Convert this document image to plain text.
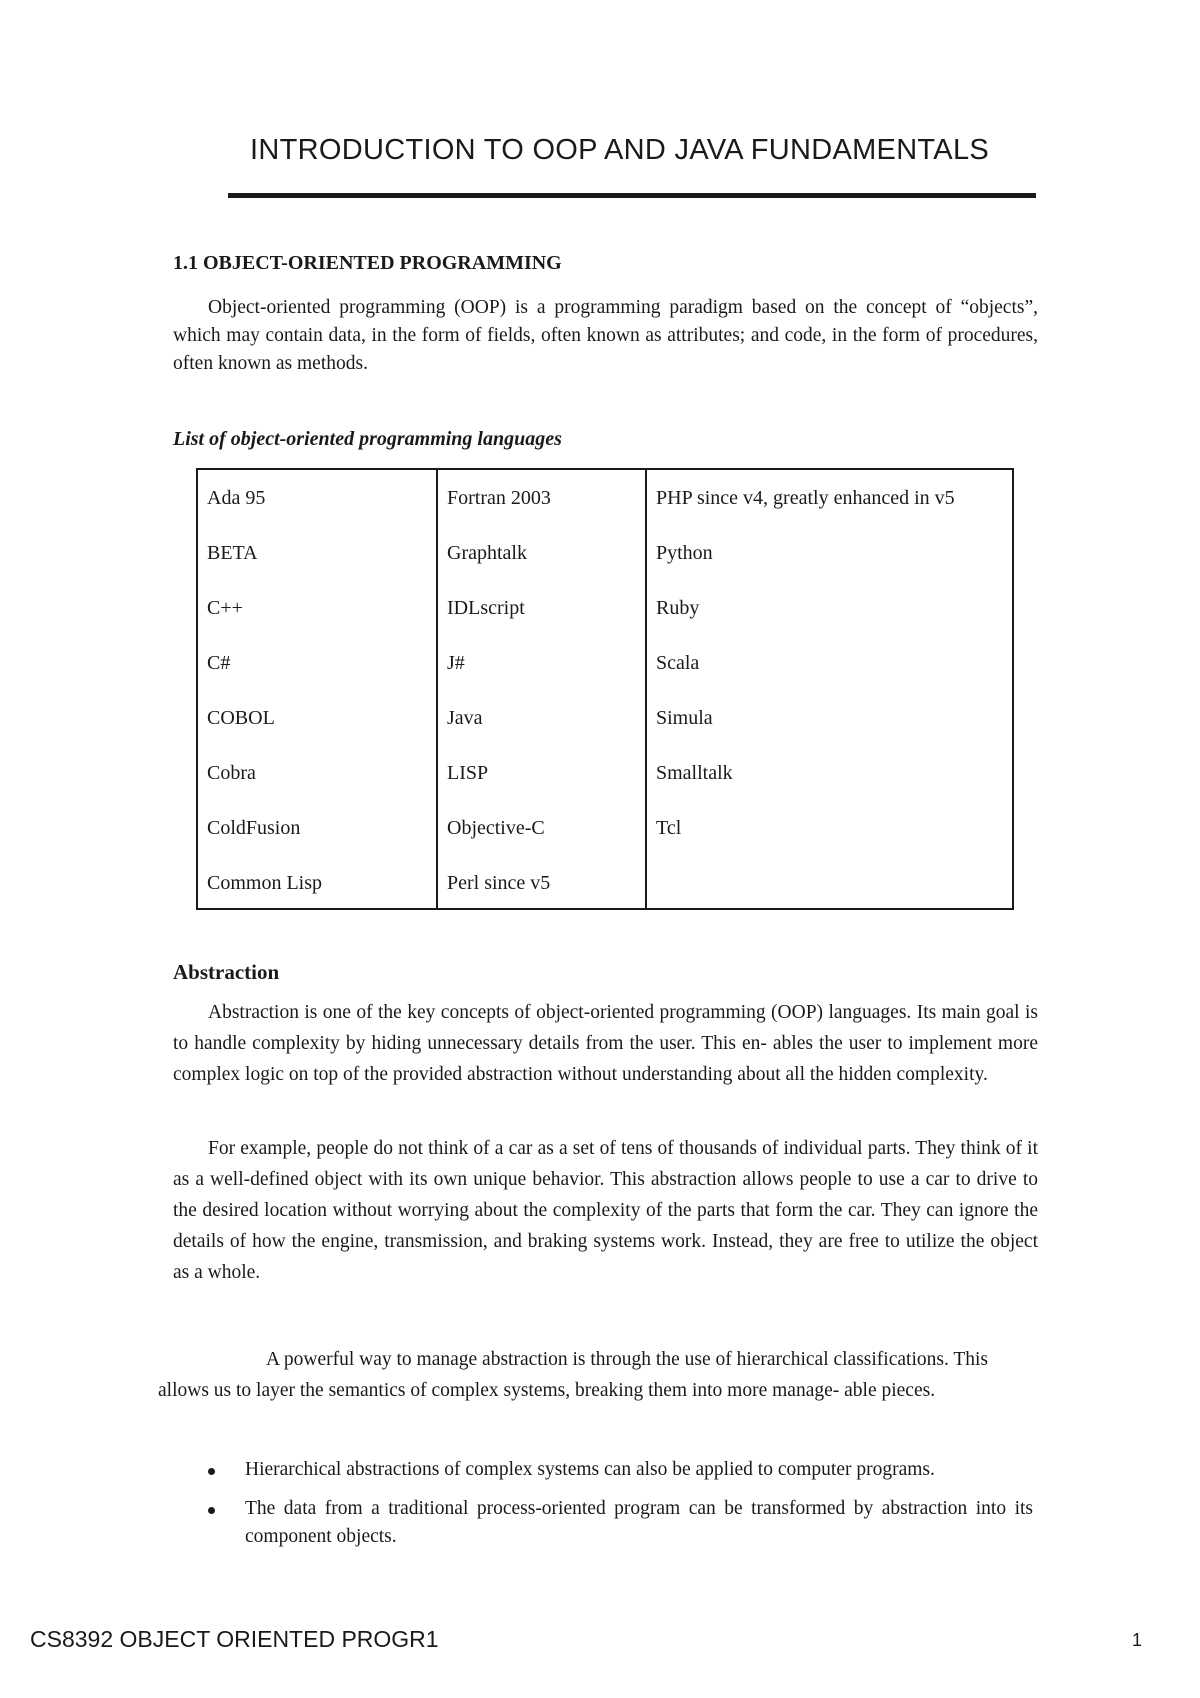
INTRODUCTION TO OOP AND JAVA FUNDAMENTALS
1.1 OBJECT-ORIENTED PROGRAMMING

Object-oriented programming (OOP) is a programming paradigm based on the concept of “objects”, which may contain data, in the form of fields, often known as attributes; and code, in the form of procedures, often known as methods.

List of object-oriented programming languages

Ada 95
BETA
C++
C#
COBOL
Cobra
ColdFusion
Common Lisp
Fortran 2003
Graphtalk
IDLscript
J#
Java
LISP
Objective-C
Perl since v5
PHP since v4, greatly enhanced in v5
Python
Ruby
Scala
Simula
Smalltalk
Tcl
Abstraction

Abstraction is one of the key concepts of object-oriented programming (OOP) languages. Its main goal is to handle complexity by hiding unnecessary details from the user. This en- ables the user to implement more complex logic on top of the provided abstraction without understanding about all the hidden complexity.

For example, people do not think of a car as a set of tens of thousands of individual parts. They think of it as a well-defined object with its own unique behavior. This abstraction allows people to use a car to drive to the desired location without worrying about the complexity of the parts that form the car. They can ignore the details of how the engine, transmission, and braking systems work. Instead, they are free to utilize the object as a whole.

A powerful way to manage abstraction is through the use of hierarchical classifications. This allows us to layer the semantics of complex systems, breaking them into more manage- able pieces.

Hierarchical abstractions of complex systems can also be applied to computer programs.
The data from a traditional process-oriented program can be transformed by abstraction into its component objects.

CS8392 OBJECT ORIENTED PROGR1	1
